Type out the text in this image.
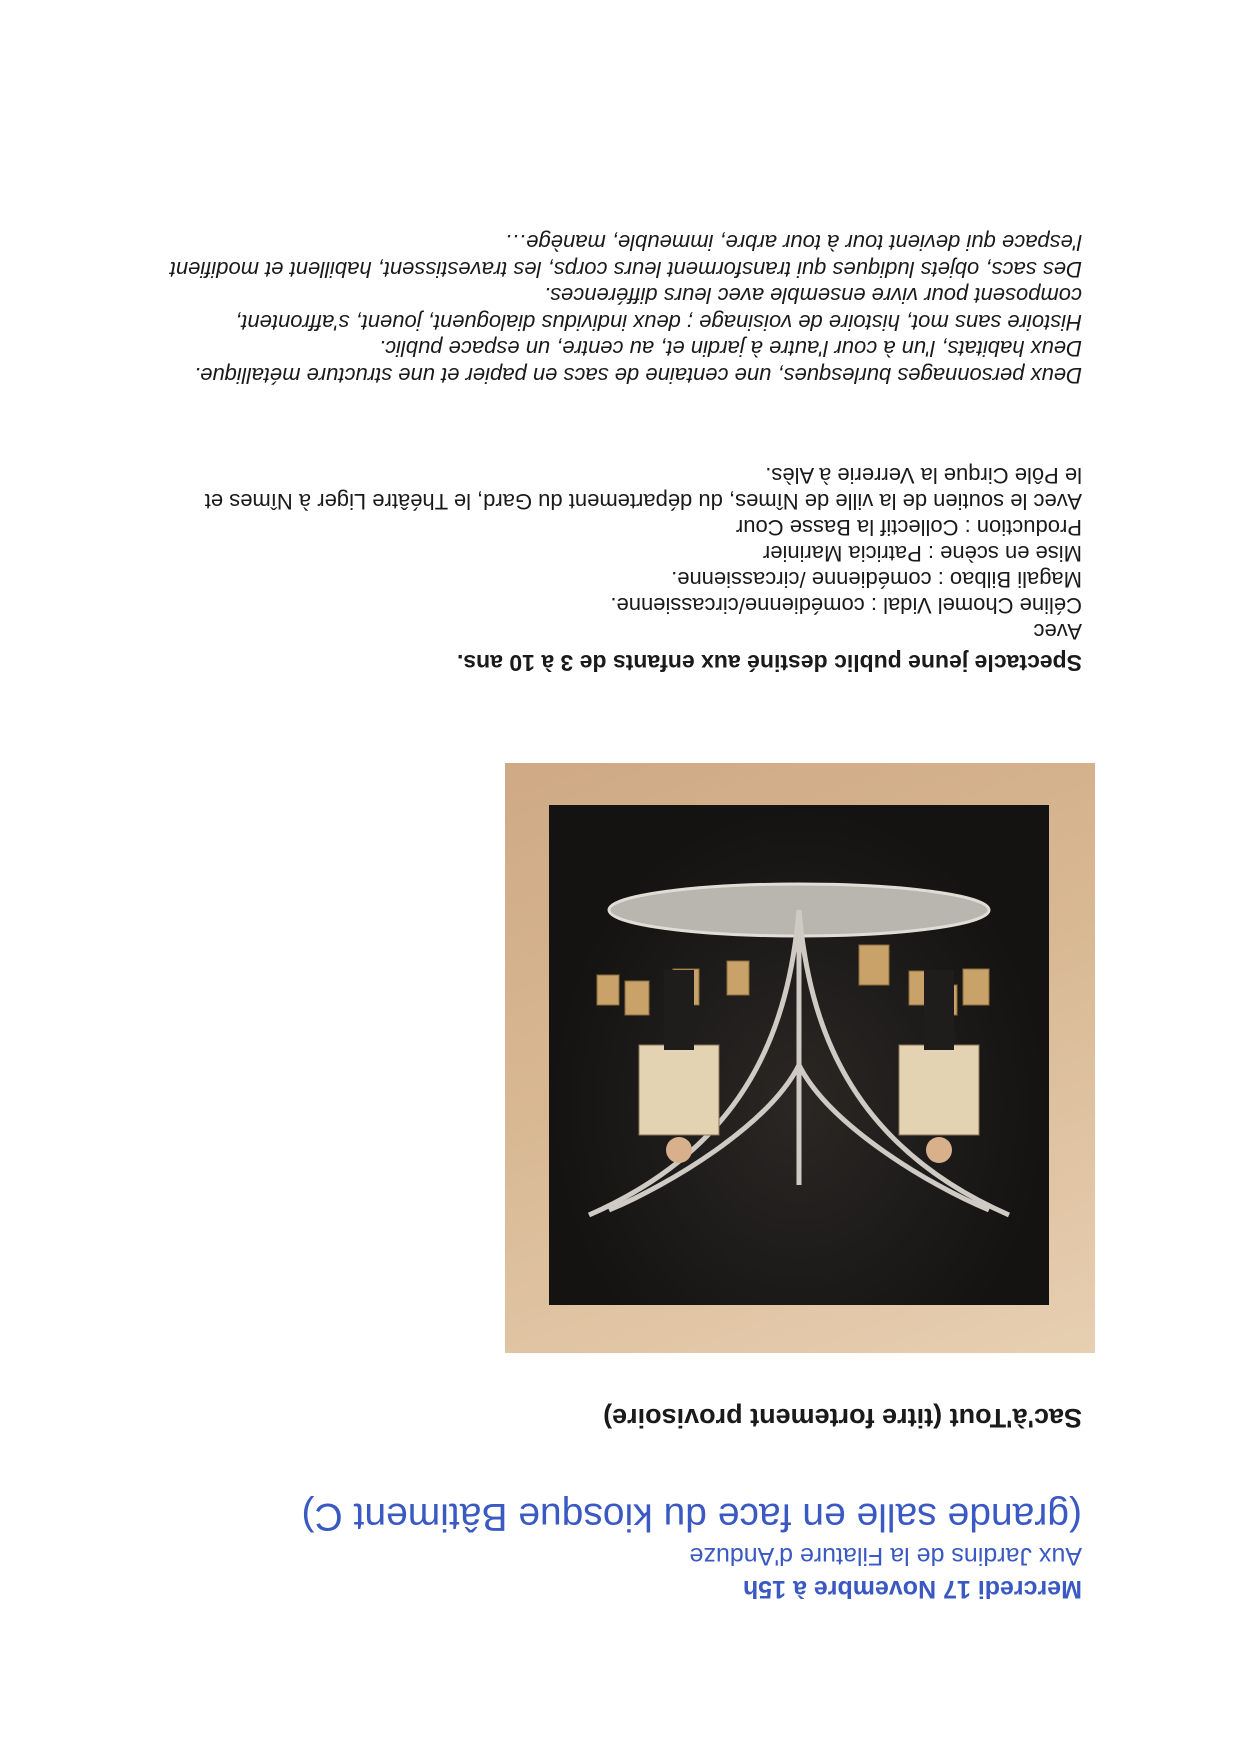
Mercredi 17 Novembre à 15h
Aux Jardins de la Filature d'Anduze
(grande salle en face du kiosque Bâtiment C)
Sac'à'Tout (titre fortement provisoire)
Spectacle jeune public destiné aux enfants de 3 à 10 ans.
Avec
Céline Chomel Vidal : comédienne/circassienne.
Magali Bilbao : comédienne /circassienne.
Mise en scène : Patricia Marinier
Production : Collectif la Basse Cour
Avec le soutien de la ville de Nîmes, du département du Gard, le Théâtre Liger à Nîmes et le Pôle Cirque la Verrerie à Alès.

Deux personnages burlesques, une centaine de sacs en papier et une structure métallique.

Deux habitats, l'un à cour l'autre à jardin et, au centre, un espace public.

Histoire sans mot, histoire de voisinage ; deux individus dialoguent, jouent, s'affrontent, composent pour vivre ensemble avec leurs différences.

Des sacs, objets ludiques qui transforment leurs corps, les travestissent, habillent et modifient l'espace qui devient tour à tour arbre, immeuble, manège…
